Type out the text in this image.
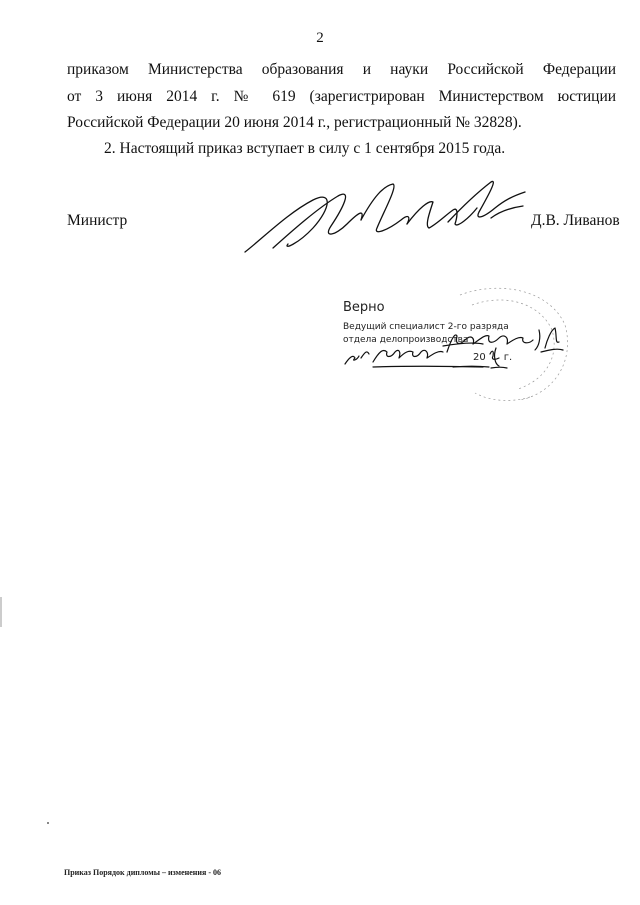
2
приказом Министерства образования и науки Российской Федерации
от 3 июня 2014 г. № 619 (зарегистрирован Министерством юстиции
Российской Федерации 20 июня 2014 г., регистрационный № 32828).
2. Настоящий приказ вступает в силу с 1 сентября 2015 года.
Министр	Д.В. Ливанов
Верно
Ведущий специалист 2-го разряда
отдела делопроизводства
20 г.
Приказ Порядок дипломы – изменения - 06
